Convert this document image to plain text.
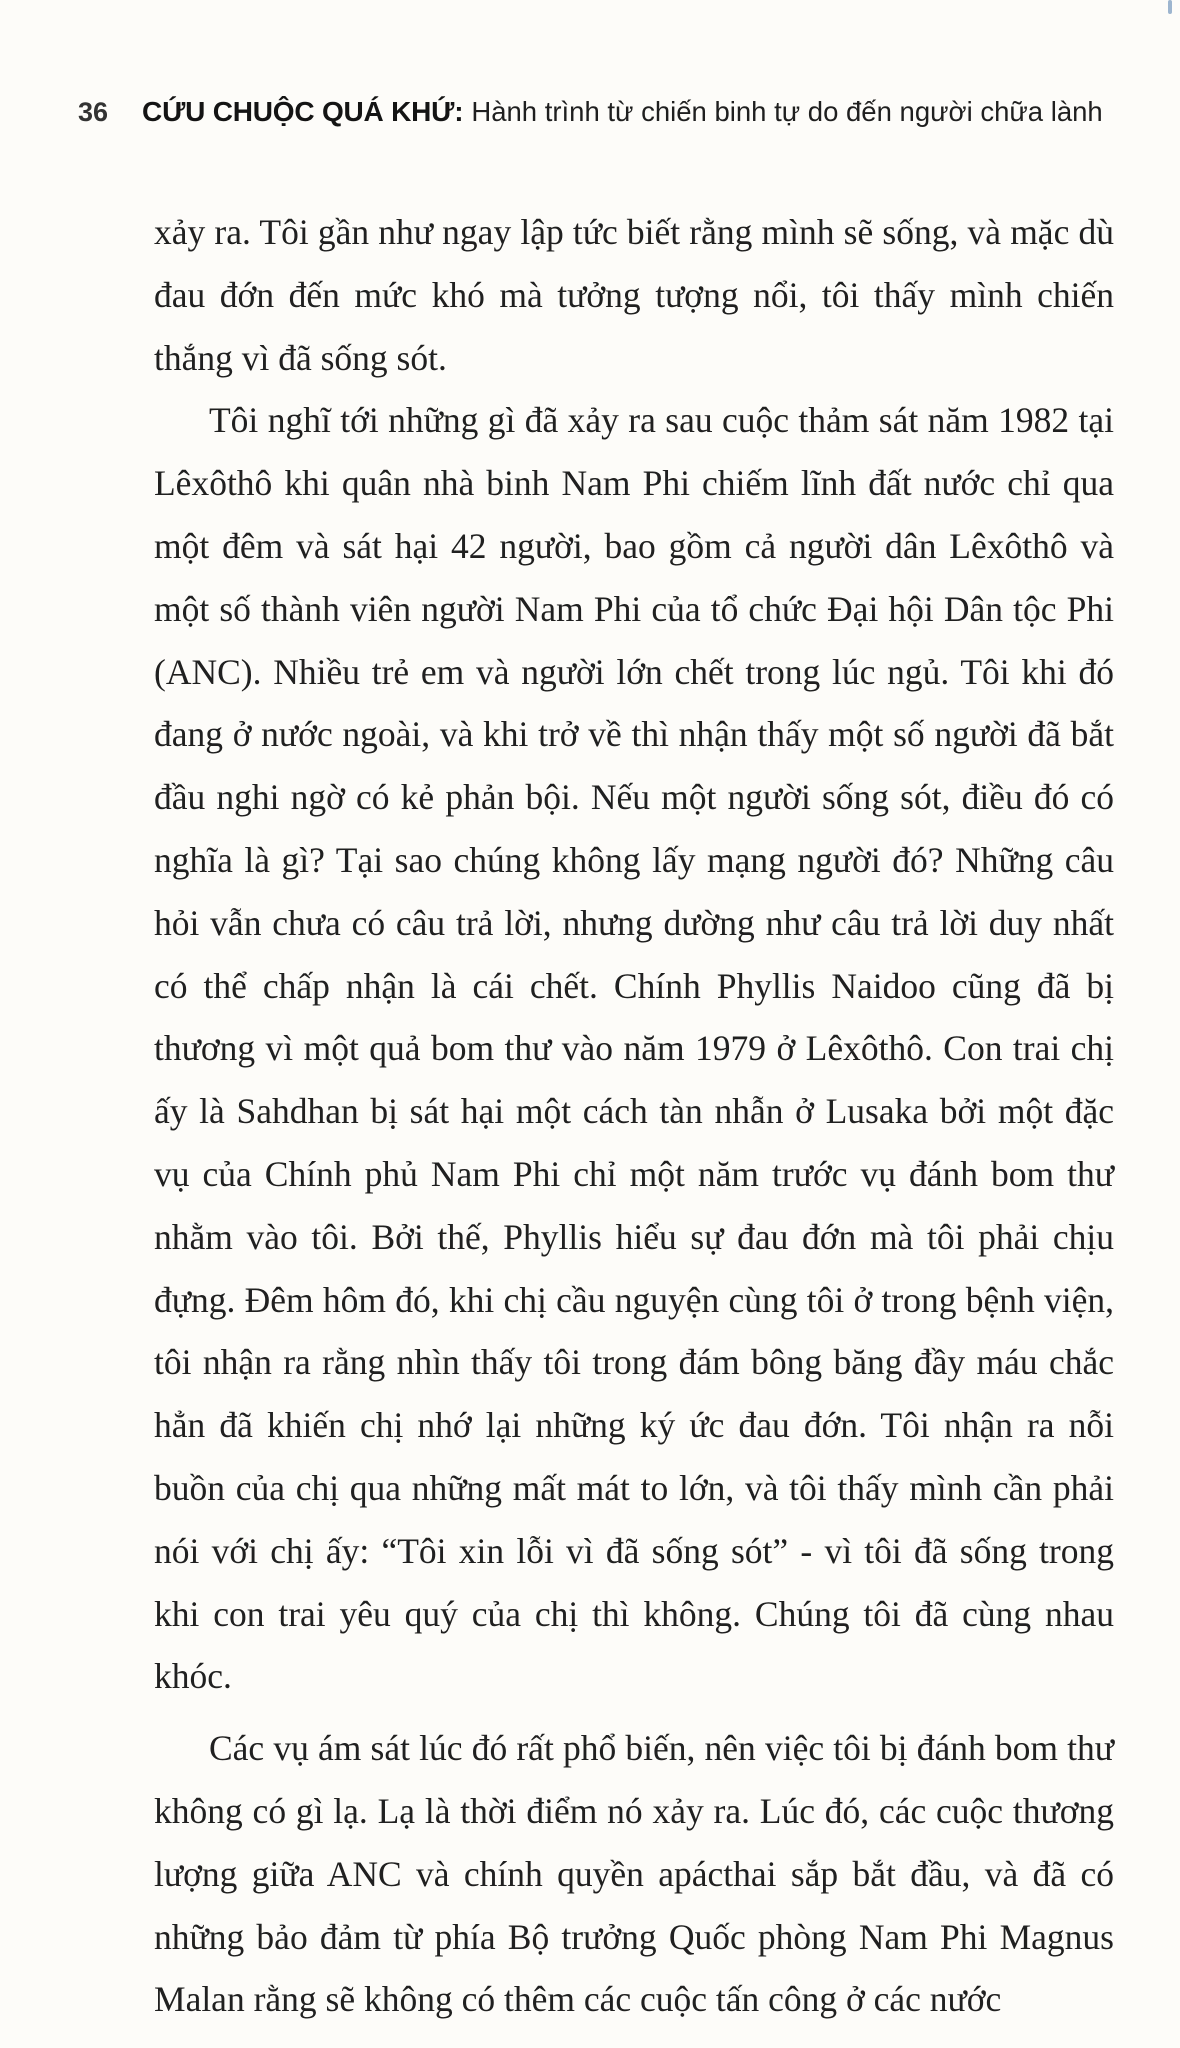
36 CỨU CHUỘC QUÁ KHỨ: Hành trình từ chiến binh tự do đến người chữa lành

xảy ra. Tôi gần như ngay lập tức biết rằng mình sẽ sống, và mặc dù đau đớn đến mức khó mà tưởng tượng nổi, tôi thấy mình chiến thắng vì đã sống sót.

Tôi nghĩ tới những gì đã xảy ra sau cuộc thảm sát năm 1982 tại Lêxôthô khi quân nhà binh Nam Phi chiếm lĩnh đất nước chỉ qua một đêm và sát hại 42 người, bao gồm cả người dân Lêxôthô và một số thành viên người Nam Phi của tổ chức Đại hội Dân tộc Phi (ANC). Nhiều trẻ em và người lớn chết trong lúc ngủ. Tôi khi đó đang ở nước ngoài, và khi trở về thì nhận thấy một số người đã bắt đầu nghi ngờ có kẻ phản bội. Nếu một người sống sót, điều đó có nghĩa là gì? Tại sao chúng không lấy mạng người đó? Những câu hỏi vẫn chưa có câu trả lời, nhưng dường như câu trả lời duy nhất có thể chấp nhận là cái chết. Chính Phyllis Naidoo cũng đã bị thương vì một quả bom thư vào năm 1979 ở Lêxôthô. Con trai chị ấy là Sahdhan bị sát hại một cách tàn nhẫn ở Lusaka bởi một đặc vụ của Chính phủ Nam Phi chỉ một năm trước vụ đánh bom thư nhằm vào tôi. Bởi thế, Phyllis hiểu sự đau đớn mà tôi phải chịu đựng. Đêm hôm đó, khi chị cầu nguyện cùng tôi ở trong bệnh viện, tôi nhận ra rằng nhìn thấy tôi trong đám bông băng đầy máu chắc hẳn đã khiến chị nhớ lại những ký ức đau đớn. Tôi nhận ra nỗi buồn của chị qua những mất mát to lớn, và tôi thấy mình cần phải nói với chị ấy: “Tôi xin lỗi vì đã sống sót” - vì tôi đã sống trong khi con trai yêu quý của chị thì không. Chúng tôi đã cùng nhau khóc.

Các vụ ám sát lúc đó rất phổ biến, nên việc tôi bị đánh bom thư không có gì lạ. Lạ là thời điểm nó xảy ra. Lúc đó, các cuộc thương lượng giữa ANC và chính quyền apácthai sắp bắt đầu, và đã có những bảo đảm từ phía Bộ trưởng Quốc phòng Nam Phi Magnus Malan rằng sẽ không có thêm các cuộc tấn công ở các nước
